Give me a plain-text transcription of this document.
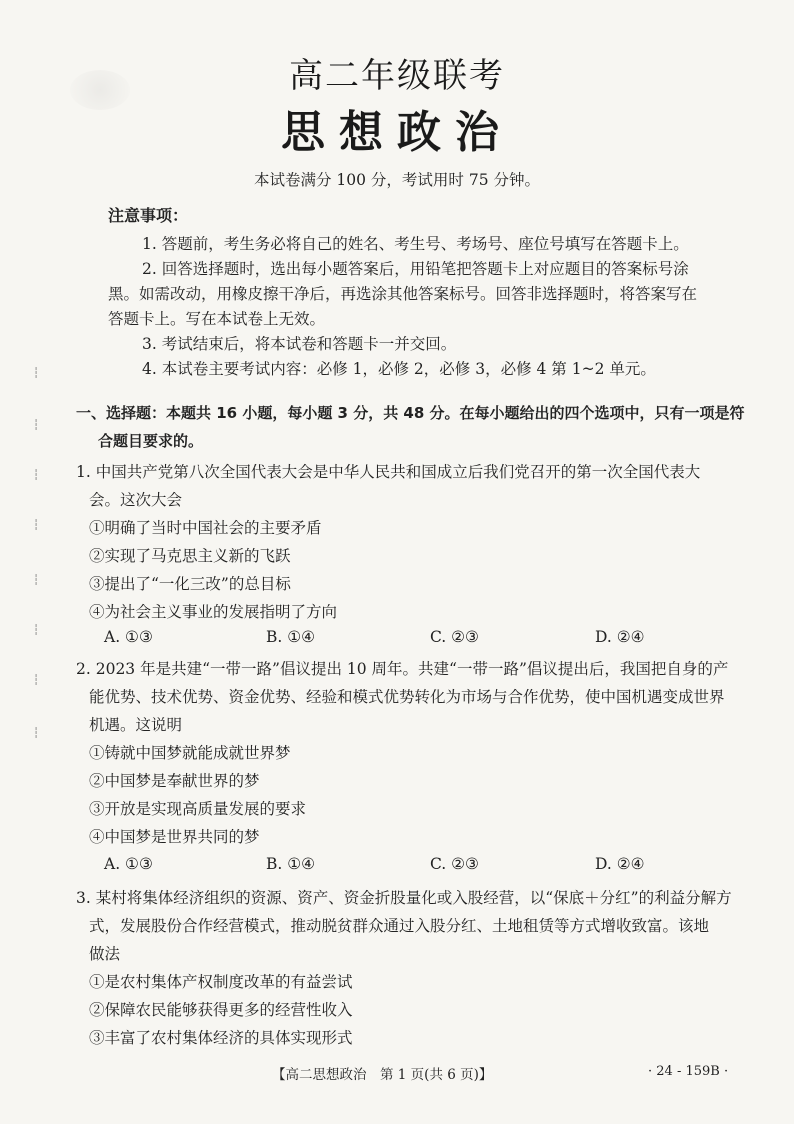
高二年级联考
思想政治
本试卷满分 100 分，考试用时 75 分钟。
注意事项：
1. 答题前，考生务必将自己的姓名、考生号、考场号、座位号填写在答题卡上。
2. 回答选择题时，选出每小题答案后，用铅笔把答题卡上对应题目的答案标号涂
黑。如需改动，用橡皮擦干净后，再选涂其他答案标号。回答非选择题时，将答案写在
答题卡上。写在本试卷上无效。
3. 考试结束后，将本试卷和答题卡一并交回。
4. 本试卷主要考试内容：必修 1，必修 2，必修 3，必修 4 第 1~2 单元。
一、选择题：本题共 16 小题，每小题 3 分，共 48 分。在每小题给出的四个选项中，只有一项是符
合题目要求的。
1. 中国共产党第八次全国代表大会是中华人民共和国成立后我们党召开的第一次全国代表大
会。这次大会
①明确了当时中国社会的主要矛盾
②实现了马克思主义新的飞跃
③提出了“一化三改”的总目标
④为社会主义事业的发展指明了方向
A. ①③	B. ①④	C. ②③	D. ②④
2. 2023 年是共建“一带一路”倡议提出 10 周年。共建“一带一路”倡议提出后，我国把自身的产
能优势、技术优势、资金优势、经验和模式优势转化为市场与合作优势，使中国机遇变成世界
机遇。这说明
①铸就中国梦就能成就世界梦
②中国梦是奉献世界的梦
③开放是实现高质量发展的要求
④中国梦是世界共同的梦
A. ①③	B. ①④	C. ②③	D. ②④
3. 某村将集体经济组织的资源、资产、资金折股量化或入股经营，以“保底＋分红”的利益分解方
式，发展股份合作经营模式，推动脱贫群众通过入股分红、土地租赁等方式增收致富。该地
做法
①是农村集体产权制度改革的有益尝试
②保障农民能够获得更多的经营性收入
③丰富了农村集体经济的具体实现形式
┆
┆
┆
┆
┆
┆
┆
┆
【高二思想政治　第 1 页(共 6 页)】	· 24 - 159B ·
